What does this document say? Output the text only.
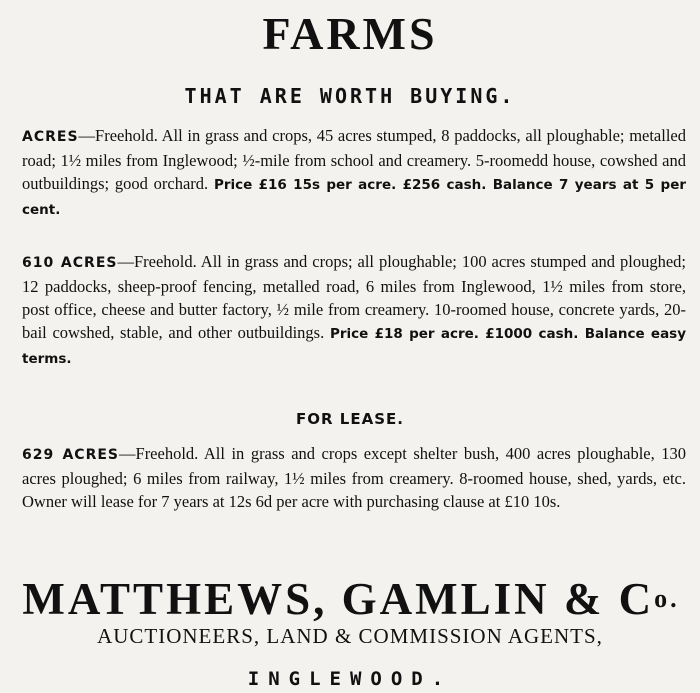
FARMS
THAT ARE WORTH BUYING.
ACRES—Freehold. All in grass and crops, 45 acres stumped, 8 paddocks, all ploughable; metalled road; 1½ miles from Inglewood; ½-mile from school and creamery. 5-roomedd house, cowshed and outbuildings; good orchard. Price £16 15s per acre. £256 cash. Balance 7 years at 5 per cent.
610 ACRES—Freehold. All in grass and crops; all ploughable; 100 acres stumped and ploughed; 12 paddocks, sheep-proof fencing, metalled road, 6 miles from Inglewood, 1½ miles from store, post office, cheese and butter factory, ½ mile from creamery. 10-roomed house, concrete yards, 20-bail cowshed, stable, and other outbuildings. Price £18 per acre. £1000 cash. Balance easy terms.
FOR LEASE.
629 ACRES—Freehold. All in grass and crops except shelter bush, 400 acres ploughable, 130 acres ploughed; 6 miles from railway, 1½ miles from creamery. 8-roomed house, shed, yards, etc. Owner will lease for 7 years at 12s 6d per acre with purchasing clause at £10 10s.
MATTHEWS, GAMLIN & $C^{o.}$
AUCTIONEERS, LAND & COMMISSION AGENTS,
INGLEWOOD.
